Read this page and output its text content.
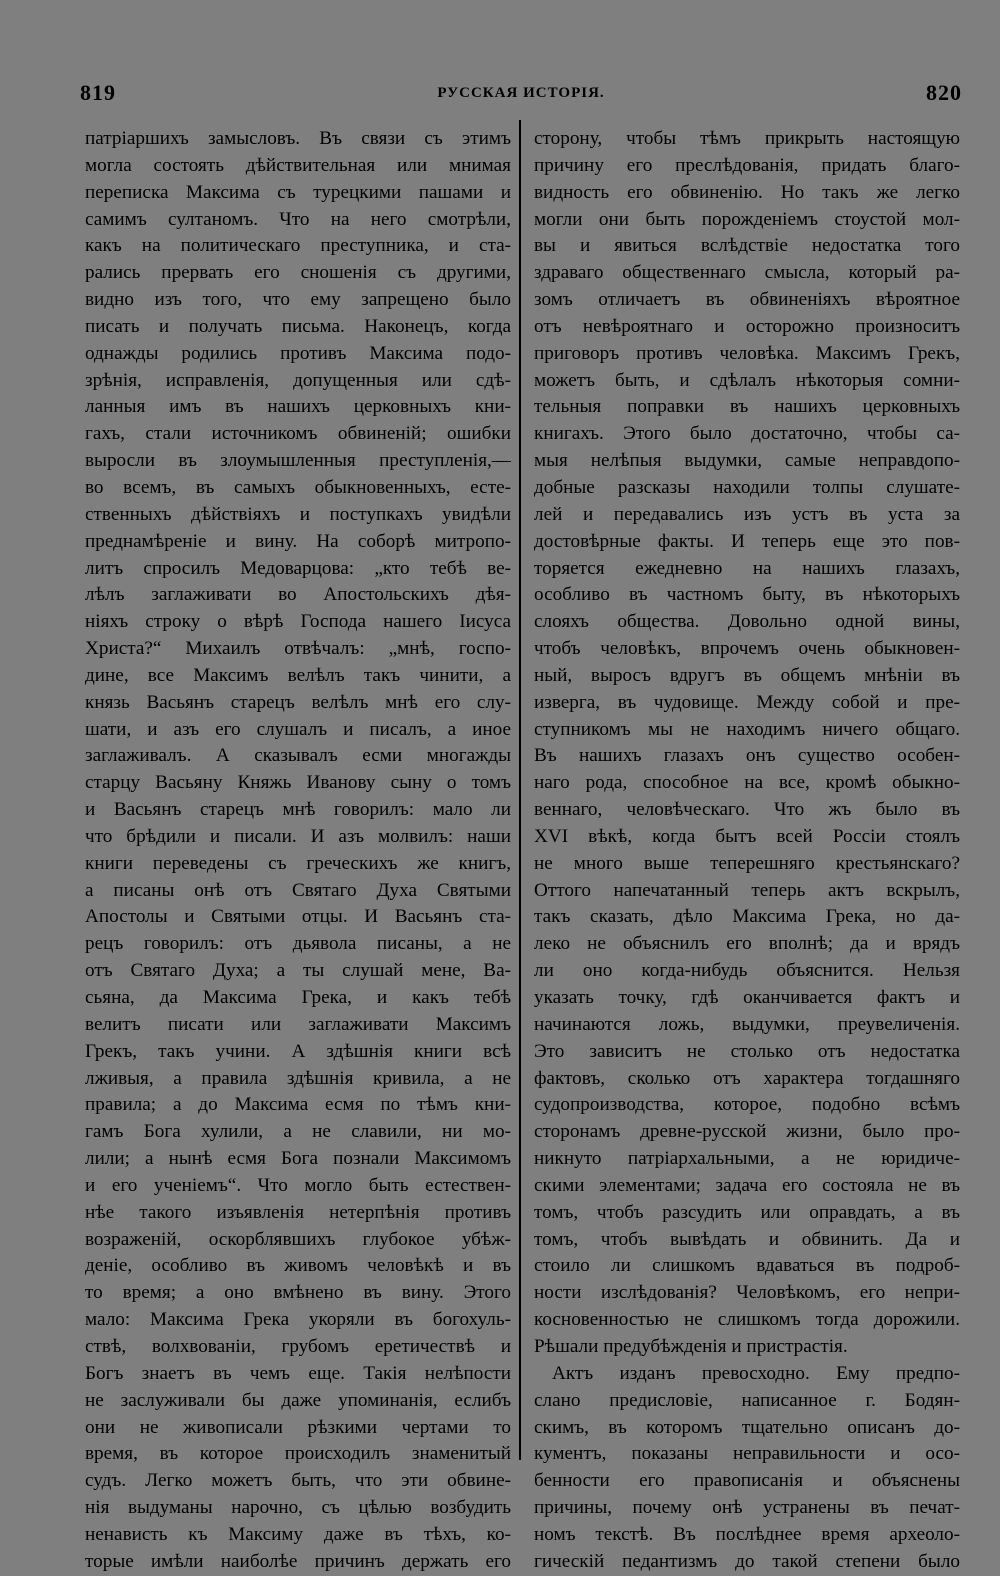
819	РУССКАЯ ИСТОРІЯ.	820
патріаршихъ замысловъ. Въ связи съ этимъ
могла состоять дѣйствительная или мнимая
переписка Максима съ турецкими пашами и
самимъ султаномъ. Что на него смотрѣли,
какъ на политическаго преступника, и ста-
рались прервать его сношенія съ другими,
видно изъ того, что ему запрещено было
писать и получать письма. Наконецъ, когда
однажды родились противъ Максима подо-
зрѣнія, исправленія, допущенныя или сдѣ-
ланныя имъ въ нашихъ церковныхъ кни-
гахъ, стали источникомъ обвиненій; ошибки
выросли въ злоумышленныя преступленія,—
во всемъ, въ самыхъ обыкновенныхъ, есте-
ственныхъ дѣйствіяхъ и поступкахъ увидѣли
преднамѣреніе и вину. На соборѣ митропо-
литъ спросилъ Медоварцова: „кто тебѣ ве-
лѣлъ заглаживати во Апостольскихъ дѣя-
ніяхъ строку о вѣрѣ Господа нашего Іисуса
Христа?“ Михаилъ отвѣчалъ: „мнѣ, госпо-
дине, все Максимъ велѣлъ такъ чинити, а
князь Васьянъ старецъ велѣлъ мнѣ его слу-
шати, и азъ его слушалъ и писалъ, а иное
заглаживалъ. А сказывалъ есми многажды
старцу Васьяну Княжь Иванову сыну о томъ
и Васьянъ старецъ мнѣ говорилъ: мало ли
что брѣдили и писали. И азъ молвилъ: наши
книги переведены съ греческихъ же книгъ,
а писаны онѣ отъ Святаго Духа Святыми
Апостолы и Святыми отцы. И Васьянъ ста-
рецъ говорилъ: отъ дьявола писаны, а не
отъ Святаго Духа; а ты слушай мене, Ва-
сьяна, да Максима Грека, и какъ тебѣ
велитъ писати или заглаживати Максимъ
Грекъ, такъ учини. А здѣшнія книги всѣ
лживыя, а правила здѣшнія кривила, а не
правила; а до Максима есмя по тѣмъ кни-
гамъ Бога хулили, а не славили, ни мо-
лили; а нынѣ есмя Бога познали Максимомъ
и его ученіемъ“. Что могло быть естествен-
нѣе такого изъявленія нетерпѣнія противъ
возраженій, оскорблявшихъ глубокое убѣж-
деніе, особливо въ живомъ человѣкѣ и въ
то время; а оно вмѣнено въ вину. Этого
мало: Максима Грека укоряли въ богохуль-
ствѣ, волхвованіи, грубомъ еретичествѣ и
Богъ знаетъ въ чемъ еще. Такія нелѣпости
не заслуживали бы даже упоминанія, еслибъ
они не живописали рѣзкими чертами то
время, въ которое происходилъ знаменитый
судъ. Легко можетъ быть, что эти обвине-
нія выдуманы нарочно, съ цѣлью возбудить
ненависть къ Максиму даже въ тѣхъ, ко-
торые имѣли наиболѣе причинъ держать его
сторону, чтобы тѣмъ прикрыть настоящую
причину его преслѣдованія, придать благо-
видность его обвиненію. Но такъ же легко
могли они быть порожденіемъ стоустой мол-
вы и явиться вслѣдствіе недостатка того
здраваго общественнаго смысла, который ра-
зомъ отличаетъ въ обвиненіяхъ вѣроятное
отъ невѣроятнаго и осторожно произноситъ
приговоръ противъ человѣка. Максимъ Грекъ,
можетъ быть, и сдѣлалъ нѣкоторыя сомни-
тельныя поправки въ нашихъ церковныхъ
книгахъ. Этого было достаточно, чтобы са-
мыя нелѣпыя выдумки, самые неправдопо-
добные разсказы находили толпы слушате-
лей и передавались изъ устъ въ уста за
достовѣрные факты. И теперь еще это пов-
торяется ежедневно на нашихъ глазахъ,
особливо въ частномъ быту, въ нѣкоторыхъ
слояхъ общества. Довольно одной вины,
чтобъ человѣкъ, впрочемъ очень обыкновен-
ный, выросъ вдругъ въ общемъ мнѣніи въ
изверга, въ чудовище. Между собой и пре-
ступникомъ мы не находимъ ничего общаго.
Въ нашихъ глазахъ онъ существо особен-
наго рода, способное на все, кромѣ обыкно-
веннаго, человѣческаго. Что жъ было въ
XVI вѣкѣ, когда бытъ всей Россіи стоялъ
не много выше теперешняго крестьянскаго?
Оттого напечатанный теперь актъ вскрылъ,
такъ сказать, дѣло Максима Грека, но да-
леко не объяснилъ его вполнѣ; да и врядъ
ли оно когда-нибудь объяснится. Нельзя
указать точку, гдѣ оканчивается фактъ и
начинаются ложь, выдумки, преувеличенія.
Это зависитъ не столько отъ недостатка
фактовъ, сколько отъ характера тогдашняго
судопроизводства, которое, подобно всѣмъ
сторонамъ древне-русской жизни, было про-
никнуто патріархальными, а не юридиче-
скими элементами; задача его состояла не въ
томъ, чтобъ разсудить или оправдать, а въ
томъ, чтобъ вывѣдать и обвинить. Да и
стоило ли слишкомъ вдаваться въ подроб-
ности изслѣдованія? Человѣкомъ, его непри-
косновенностью не слишкомъ тогда дорожили.
Рѣшали предубѣжденія и пристрастія.
Актъ изданъ превосходно. Ему предпо-
слано предисловіе, написанное г. Бодян-
скимъ, въ которомъ тщательно описанъ до-
кументъ, показаны неправильности и осо-
бенности его правописанія и объяснены
причины, почему онѣ устранены въ печат-
номъ текстѣ. Въ послѣднее время археоло-
гическій педантизмъ до такой степени было
